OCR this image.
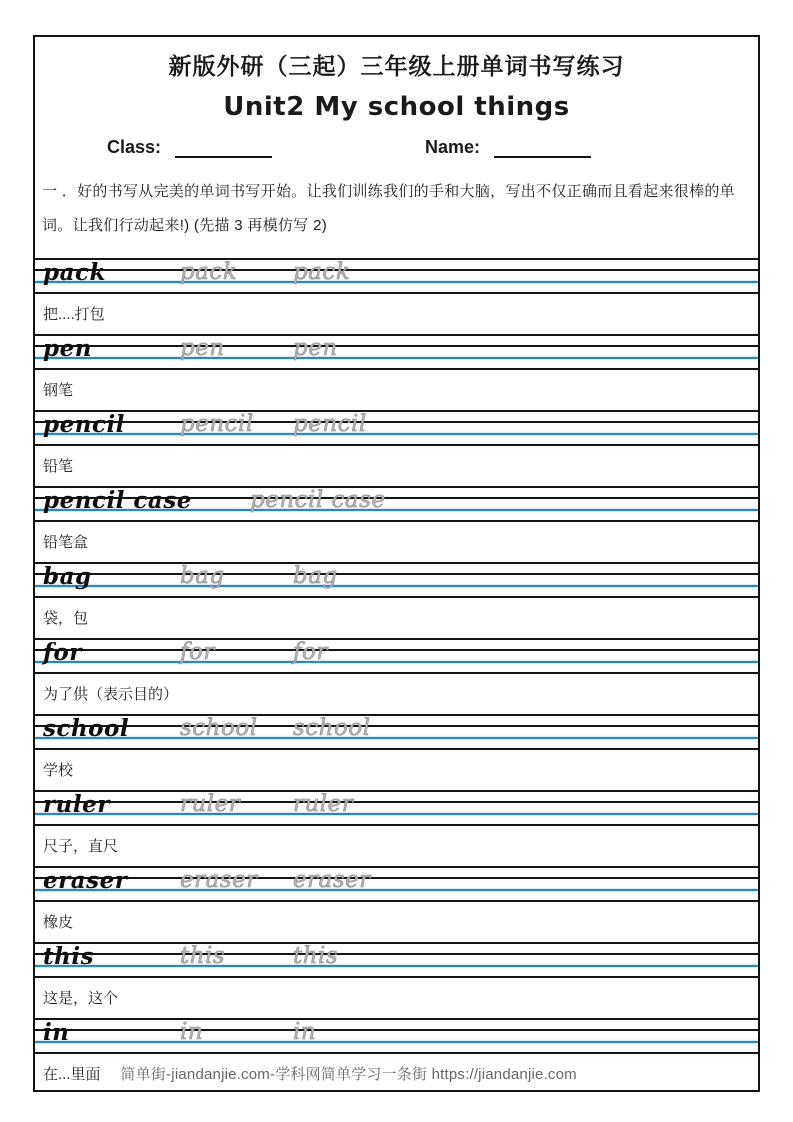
新版外研（三起）三年级上册单词书写练习
Unit2 My school things
Class:	Name:
一 ．好的书写从完美的单词书写开始。让我们训练我们的手和大脑，写出不仅正确而且看起来很棒的单词。让我们行动起来!) (先描 3 再模仿写 2)
pack	pack pack
把....打包
pen	pen	pen
钢笔
pencil pencil pencil
铅笔
pencil case	pencil case
铅笔盒
bag	bag	bag
袋，包
for	for	for
为了供（表示目的）
school school school
学校
ruler	ruler ruler
尺子，直尺
eraser eraser eraser
橡皮
this	this	this
这是，这个
in	in	in
在...里面 简单街-jiandanjie.com-学科网简单学习一条街 https://jiandanjie.com
